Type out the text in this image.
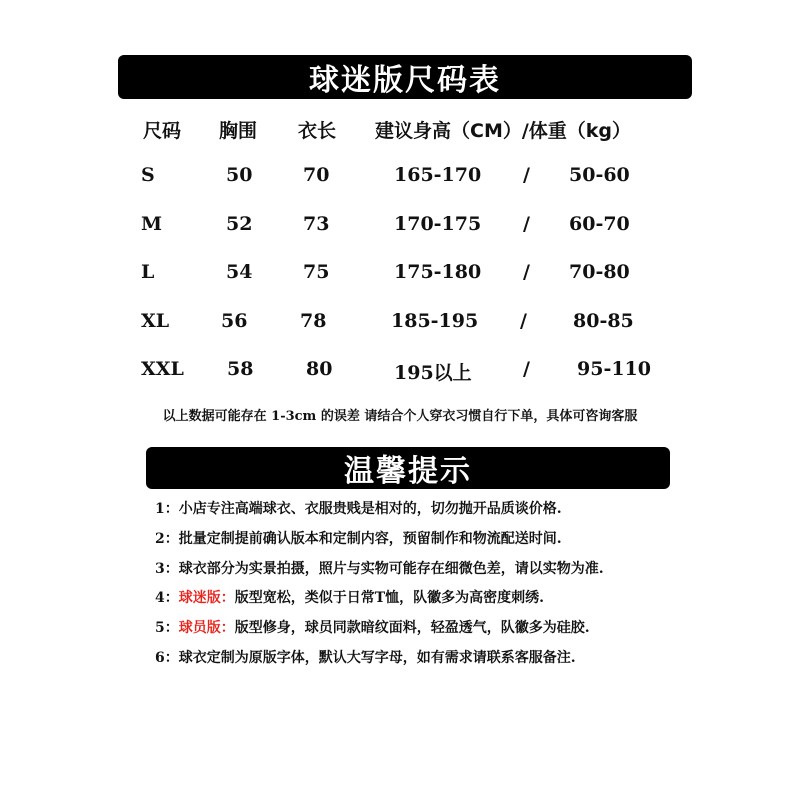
球迷版尺码表
尺码 胸围 衣长 建议身高（CM）/体重（kg）
S	50	70	165-170 / 50-60
M	52	73	170-175 / 60-70
L	54	75	175-180 / 70-80
XL	56	78	185-195 / 80-85
XXL 58	80	195以上	/ 95-110
以上数据可能存在 1-3cm 的误差 请结合个人穿衣习惯自行下单，具体可咨询客服
温馨提示
1：小店专注高端球衣、衣服贵贱是相对的，切勿抛开品质谈价格.
2：批量定制提前确认版本和定制内容，预留制作和物流配送时间.
3：球衣部分为实景拍摄，照片与实物可能存在细微色差，请以实物为准.
4：球迷版：版型宽松，类似于日常T恤，队徽多为高密度刺绣.
5：球员版：版型修身，球员同款暗纹面料，轻盈透气，队徽多为硅胶.
6：球衣定制为原版字体，默认大写字母，如有需求请联系客服备注.
